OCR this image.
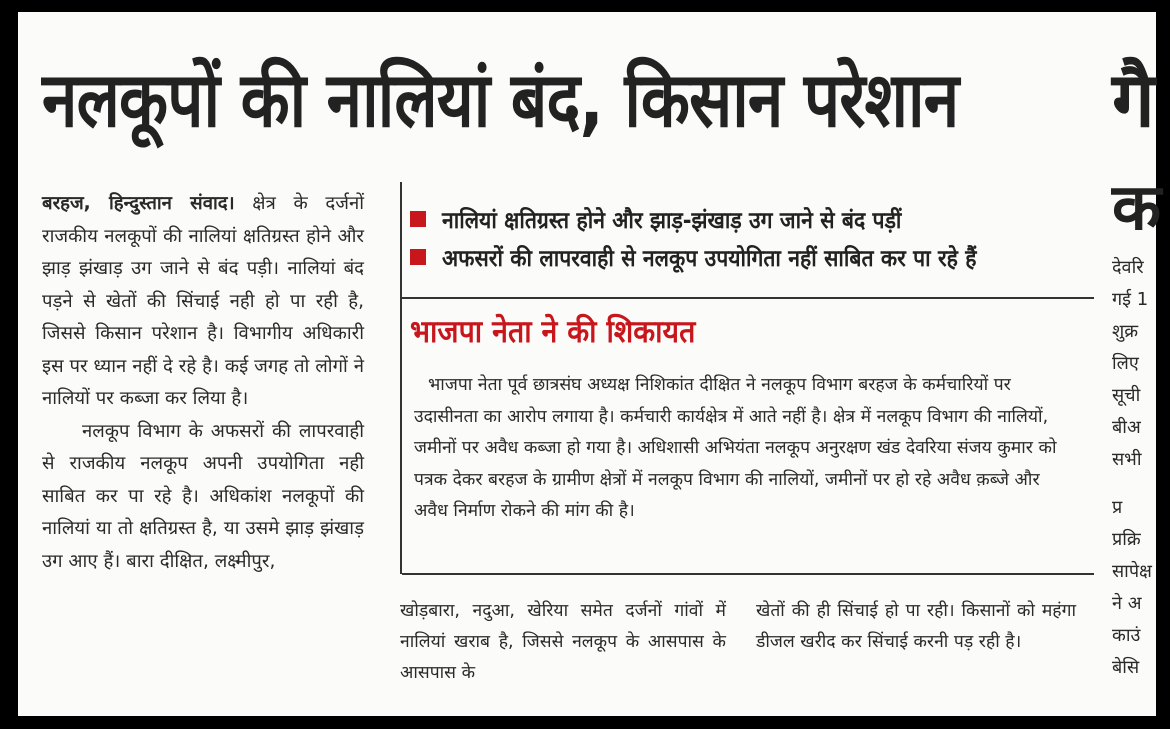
नलकूपों की नालियां बंद, किसान परेशान

बरहज, हिन्दुस्तान संवाद। क्षेत्र के दर्जनों राजकीय नलकूपों की नालियां क्षतिग्रस्त होने और झाड़ झंखाड़ उग जाने से बंद पड़ी। नालियां बंद पड़ने से खेतों की सिंचाई नही हो पा रही है, जिससे किसान परेशान है। विभागीय अधिकारी इस पर ध्यान नहीं दे रहे है। कई जगह तो लोगों ने नालियों पर कब्जा कर लिया है।

नलकूप विभाग के अफसरों की लापरवाही से राजकीय नलकूप अपनी उपयोगिता नही साबित कर पा रहे है। अधिकांश नलकूपों की नालियां या तो क्षतिग्रस्त है, या उसमे झाड़ झंखाड़ उग आए हैं। बारा दीक्षित, लक्ष्मीपुर,

नालियां क्षतिग्रस्त होने और झाड़-झंखाड़ उग जाने से बंद पड़ीं
अफसरों की लापरवाही से नलकूप उपयोगिता नहीं साबित कर पा रहे हैं
भाजपा नेता ने की शिकायत

भाजपा नेता पूर्व छात्रसंघ अध्यक्ष निशिकांत दीक्षित ने नलकूप विभाग बरहज के कर्मचारियों पर उदासीनता का आरोप लगाया है। कर्मचारी कार्यक्षेत्र में आते नहीं है। क्षेत्र में नलकूप विभाग की नालियों, जमीनों पर अवैध कब्जा हो गया है। अधिशासी अभियंता नलकूप अनुरक्षण खंड देवरिया संजय कुमार को पत्रक देकर बरहज के ग्रामीण क्षेत्रों में नलकूप विभाग की नालियों, जमीनों पर हो रहे अवैध क़ब्जे और अवैध निर्माण रोकने की मांग की है।

खोड़बारा, नदुआ, खेरिया समेत दर्जनों गांवों में नालियां खराब है, जिससे नलकूप के आसपास के आसपास के

खेतों की ही सिंचाई हो पा रही। किसानों को महंगा डीजल खरीद कर सिंचाई करनी पड़ रही है।

गै
क
देवरि
गई 1
शुक्र
लिए
सूची
बीअ
सभी
प्र
प्रक्रि
सापेक्ष
ने अ
काउं
बेसि
